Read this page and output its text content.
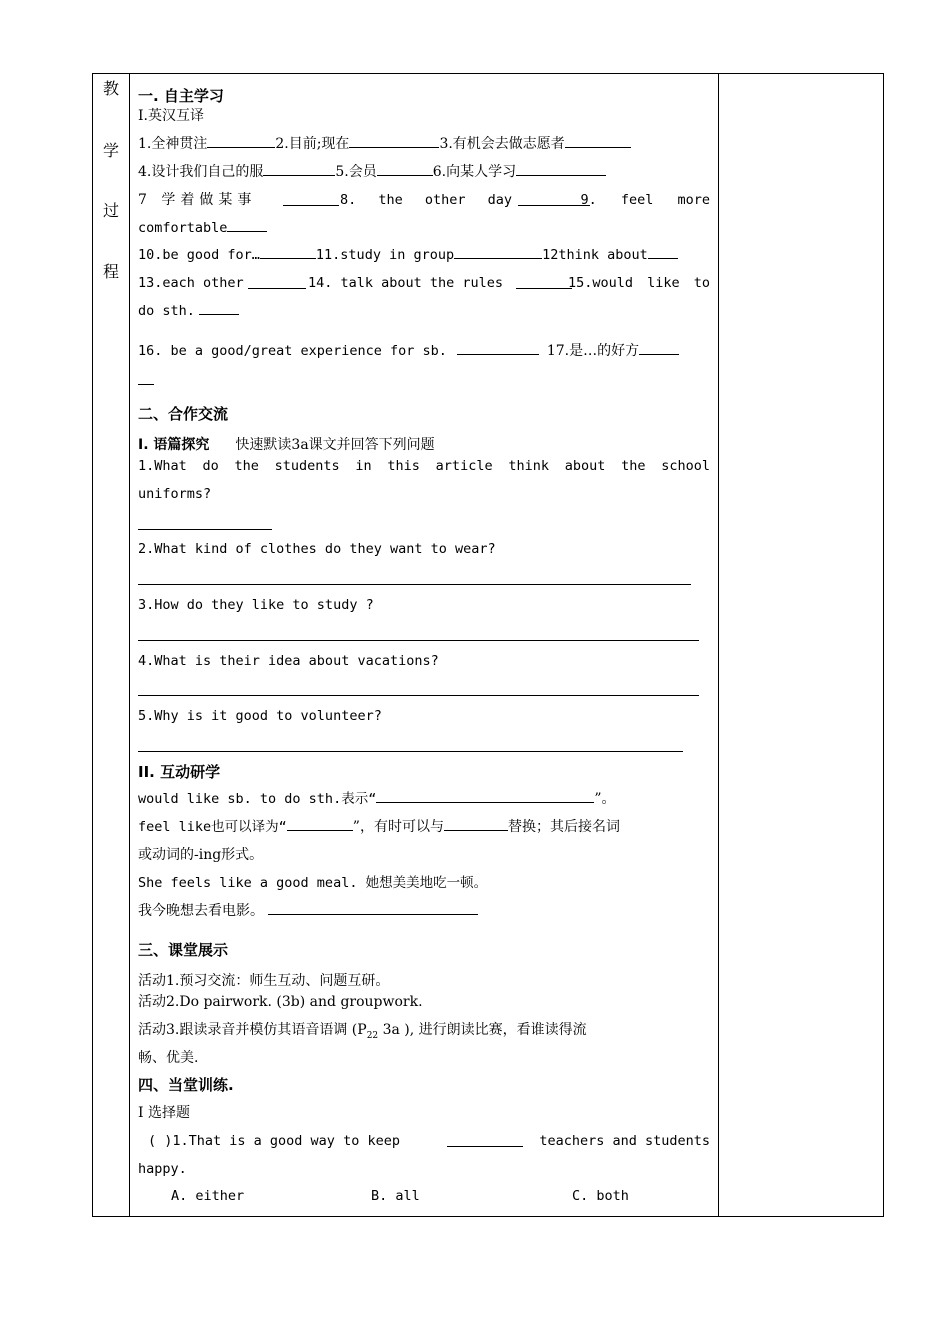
教
学
过
程
一. 自主学习
I.英汉互译
1.全神贯注	2.目前;现在	3.有机会去做志愿者
4.设计我们自己的服	5.会员	6.向某人学习
7 学着做某事	8. the other day	9. feel more
comfortable
10.be good for…	11.study in group	12think about
13.each other	14. talk about the rules	15.would like to
do sth.
16. be a good/great experience for sb.	17.是…的好方
二、合作交流
I. 语篇探究 快速默读3a课文并回答下列问题
1.What do the students in this article think about the school
uniforms?
2.What kind of clothes do they want to wear?
3.How do they like to study ?
4.What is their idea about vacations?
5.Why is it good to volunteer?
II. 互动研学
would like sb. to do sth.表示“	”。
feel like也可以译为“	”，有时可以与	替换；其后接名词
或动词的-ing形式。
She feels like a good meal. 她想美美地吃一顿。
我今晚想去看电影。
三、课堂展示
活动1.预习交流：师生互动、问题互研。
活动2.Do pairwork. (3b) and groupwork.
活动3.跟读录音并模仿其语音语调 ($P_{22}$ 3a ), 进行朗读比赛，看谁读得流
畅、优美.
四、当堂训练.
Ⅰ 选择题
( )1.That is a good way to keep	teachers and students
happy.
A. either	B. all	C. both
